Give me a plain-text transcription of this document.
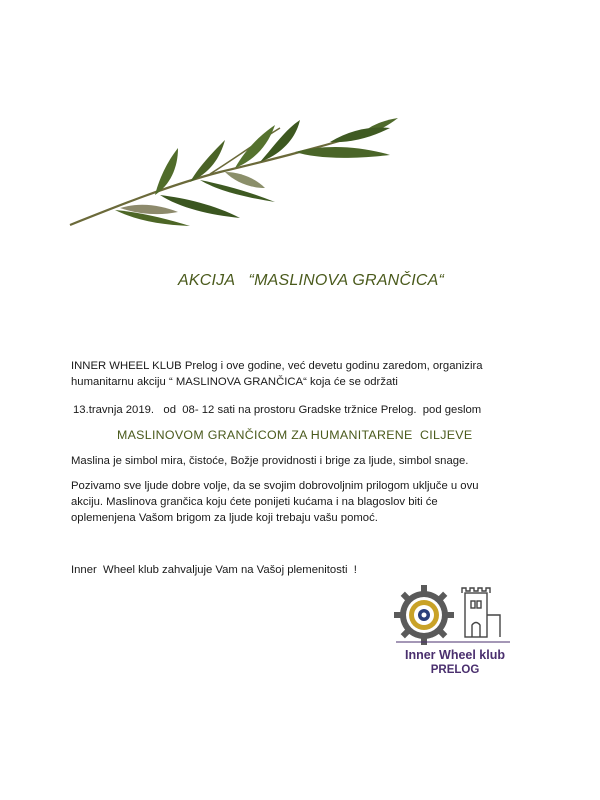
AKCIJA   “MASLINOVA GRANČICA“
INNER WHEEL KLUB Prelog i ove godine, već devetu godinu zaredom, organizira
humanitarnu akciju “ MASLINOVA GRANČICA“ koja će se održati
13.travnja 2019.   od  08- 12 sati na prostoru Gradske tržnice Prelog.  pod geslom
MASLINOVOM GRANČICOM ZA HUMANITARENE  CILJEVE
Maslina je simbol mira, čistoće, Božje providnosti i brige za ljude, simbol snage.
Pozivamo sve ljude dobre volje, da se svojim dobrovoljnim prilogom uključe u ovu
akciju. Maslinova grančica koju ćete ponijeti kućama i na blagoslov biti će
oplemenjena Vašom brigom za ljude koji trebaju vašu pomoć.
Inner  Wheel klub zahvaljuje Vam na Vašoj plemenitosti  !
Inner Wheel klub
PRELOG
